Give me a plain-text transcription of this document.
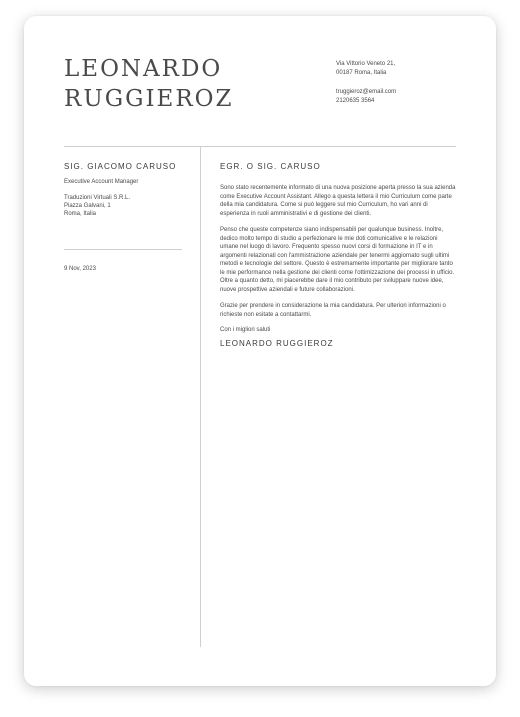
LEONARDO
RUGGIEROZ
Via Vittorio Veneto 21,
00187 Roma, Italia
truggieroz@email.com
2120635 3564

SIG. GIACOMO CARUSO

Executive Account Manager

Traduzioni Virtuali S.R.L.
Piazza Galvani, 1
Roma, Italia
9 Nov, 2023

EGR. O SIG. CARUSO

Sono stato recentemente informato di una nuova posizione aperta presso la sua azienda come Executive Account Assistant. Allego a questa lettera il mio Curriculum come parte della mia candidatura. Come si può leggere sul mio Curriculum, ho vari anni di esperienza in ruoli amministrativi e di gestione dei clienti.

Penso che queste competenze siano indispensabili per qualunque business. Inoltre, dedico molto tempo di studio a perfezionare le mie doti comunicative e le relazioni umane nel luogo di lavoro. Frequento spesso nuovi corsi di formazione in IT e in argomenti relazionati con l'ammistrazione aziendale per tenermi aggiornato sugli ultimi metodi e tecnologie del settore. Questo è estremamente importante per migliorare tanto le mie performance nella gestione dei clienti come l'ottimizzazione dei processi in ufficio. Oltre a quanto detto, mi piacerebbe dare il mio contributo per sviluppare nuove idee, nuove prospettive aziendali e future collaborazioni.

Grazie per prendere in considerazione la mia candidatura. Per ulteriori informazioni o richieste non esitate a contattarmi.

Con i migliori saluti

LEONARDO RUGGIEROZ
